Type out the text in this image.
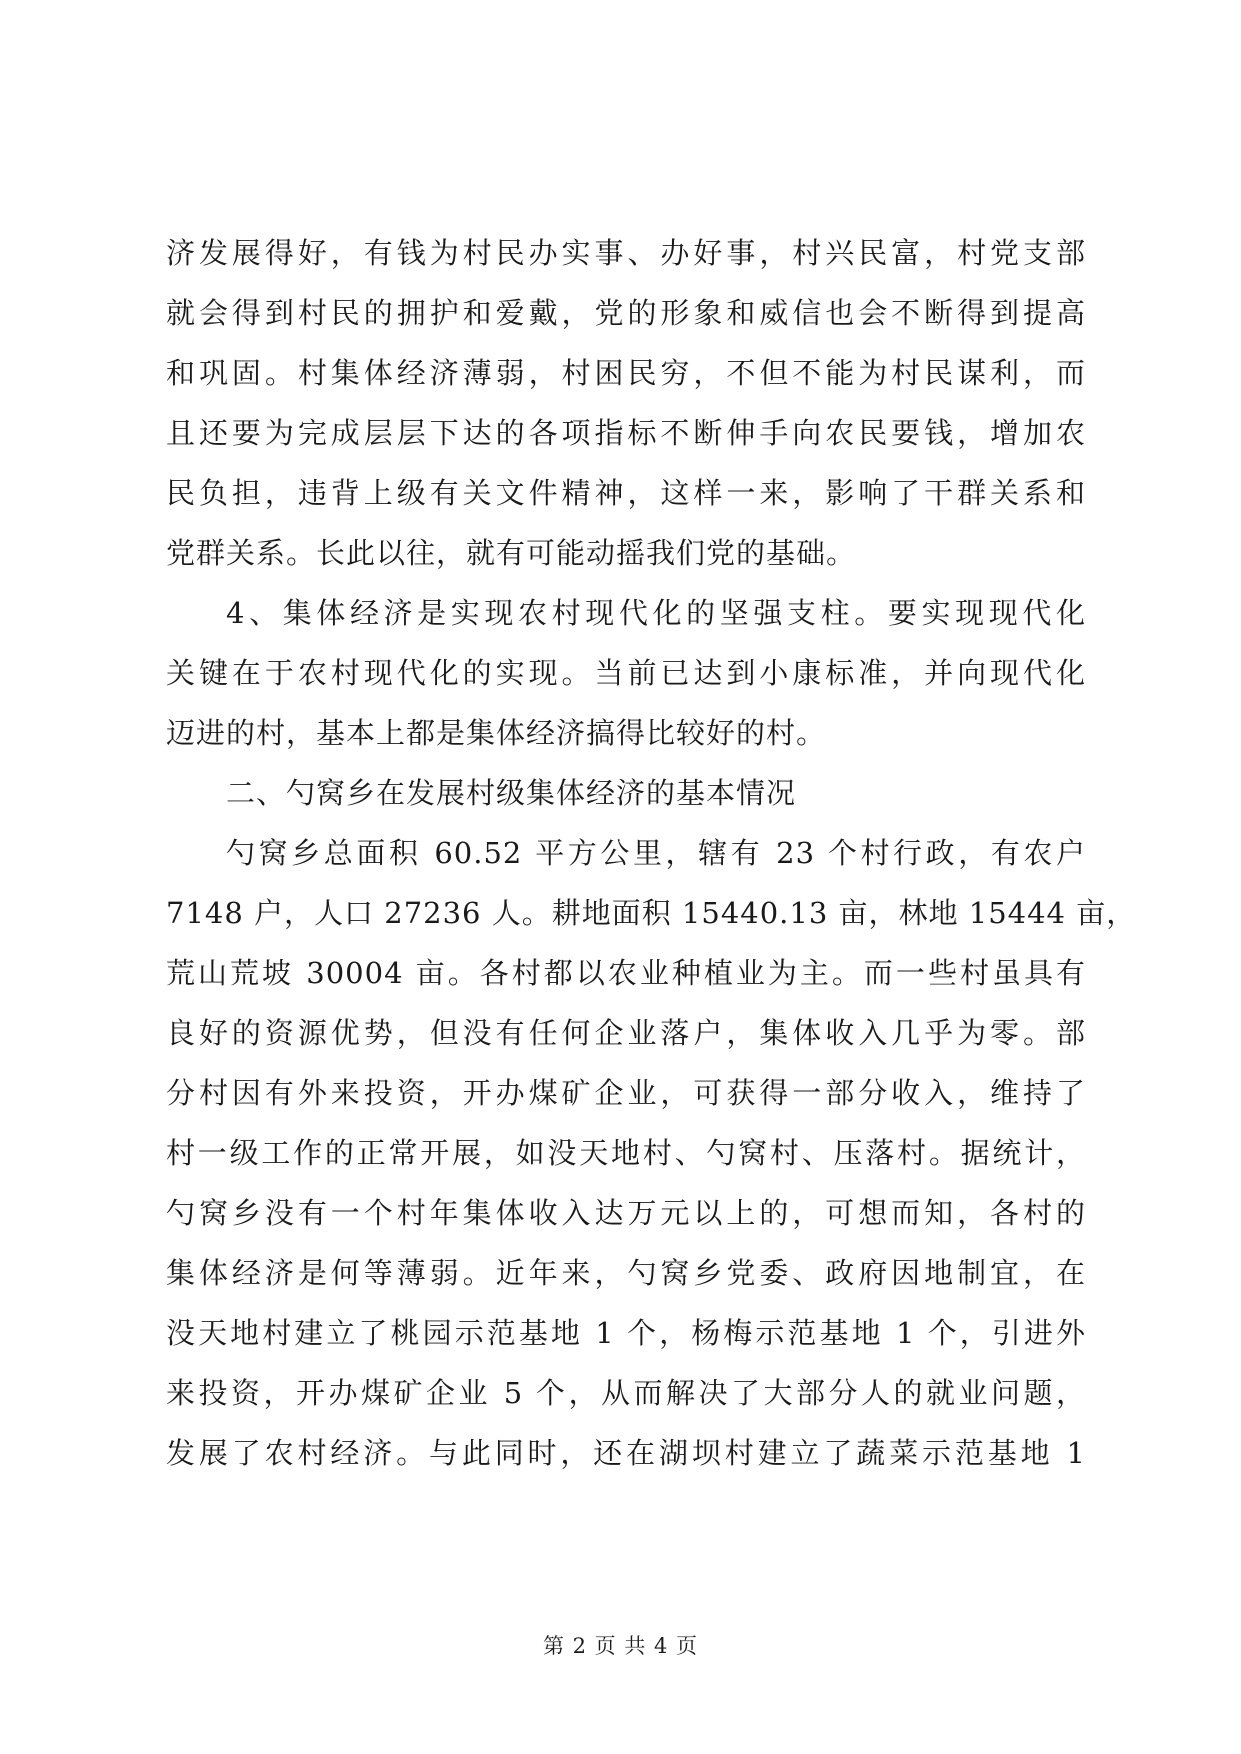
济发展得好，有钱为村民办实事、办好事，村兴民富，村党支部
就会得到村民的拥护和爱戴，党的形象和威信也会不断得到提高
和巩固。村集体经济薄弱，村困民穷，不但不能为村民谋利，而
且还要为完成层层下达的各项指标不断伸手向农民要钱，增加农
民负担，违背上级有关文件精神，这样一来，影响了干群关系和
党群关系。长此以往，就有可能动摇我们党的基础。
4、集体经济是实现农村现代化的坚强支柱。要实现现代化
关键在于农村现代化的实现。当前已达到小康标准，并向现代化
迈进的村，基本上都是集体经济搞得比较好的村。
二、勺窝乡在发展村级集体经济的基本情况
勺窝乡总面积 60.52 平方公里，辖有 23 个村行政，有农户
7148 户，人口 27236 人。耕地面积 15440.13 亩，林地 15444 亩，
荒山荒坡 30004 亩。各村都以农业种植业为主。而一些村虽具有
良好的资源优势，但没有任何企业落户，集体收入几乎为零。部
分村因有外来投资，开办煤矿企业，可获得一部分收入，维持了
村一级工作的正常开展，如没天地村、勺窝村、压落村。据统计，
勺窝乡没有一个村年集体收入达万元以上的，可想而知，各村的
集体经济是何等薄弱。近年来，勺窝乡党委、政府因地制宜，在
没天地村建立了桃园示范基地 1 个，杨梅示范基地 1 个，引进外
来投资，开办煤矿企业 5 个，从而解决了大部分人的就业问题，
发展了农村经济。与此同时，还在湖坝村建立了蔬菜示范基地 1
第 2 页 共 4 页
